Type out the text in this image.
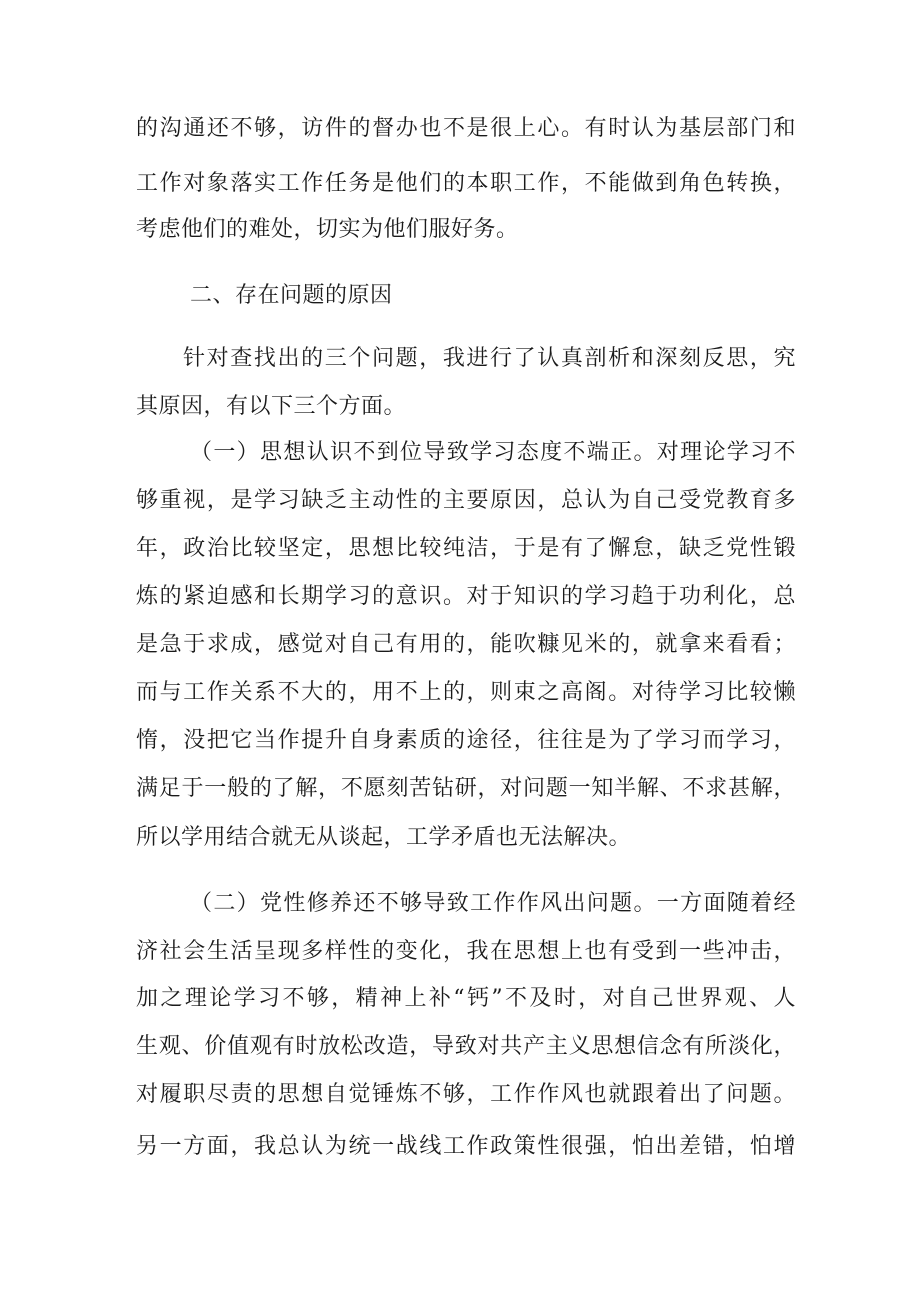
的沟通还不够，访件的督办也不是很上心。有时认为基层部门和
工作对象落实工作任务是他们的本职工作，不能做到角色转换，
考虑他们的难处，切实为他们服好务。
二、存在问题的原因
针对查找出的三个问题，我进行了认真剖析和深刻反思，究
其原因，有以下三个方面。
（一）思想认识不到位导致学习态度不端正。对理论学习不
够重视，是学习缺乏主动性的主要原因，总认为自己受党教育多
年，政治比较坚定，思想比较纯洁，于是有了懈怠，缺乏党性锻
炼的紧迫感和长期学习的意识。对于知识的学习趋于功利化，总
是急于求成，感觉对自己有用的，能吹糠见米的，就拿来看看；
而与工作关系不大的，用不上的，则束之高阁。对待学习比较懒
惰，没把它当作提升自身素质的途径，往往是为了学习而学习，
满足于一般的了解，不愿刻苦钻研，对问题一知半解、不求甚解，
所以学用结合就无从谈起，工学矛盾也无法解决。
（二）党性修养还不够导致工作作风出问题。一方面随着经
济社会生活呈现多样性的变化，我在思想上也有受到一些冲击，
加之理论学习不够，精神上补“钙”不及时，对自己世界观、人
生观、价值观有时放松改造，导致对共产主义思想信念有所淡化，
对履职尽责的思想自觉锤炼不够，工作作风也就跟着出了问题。
另一方面，我总认为统一战线工作政策性很强，怕出差错，怕增
